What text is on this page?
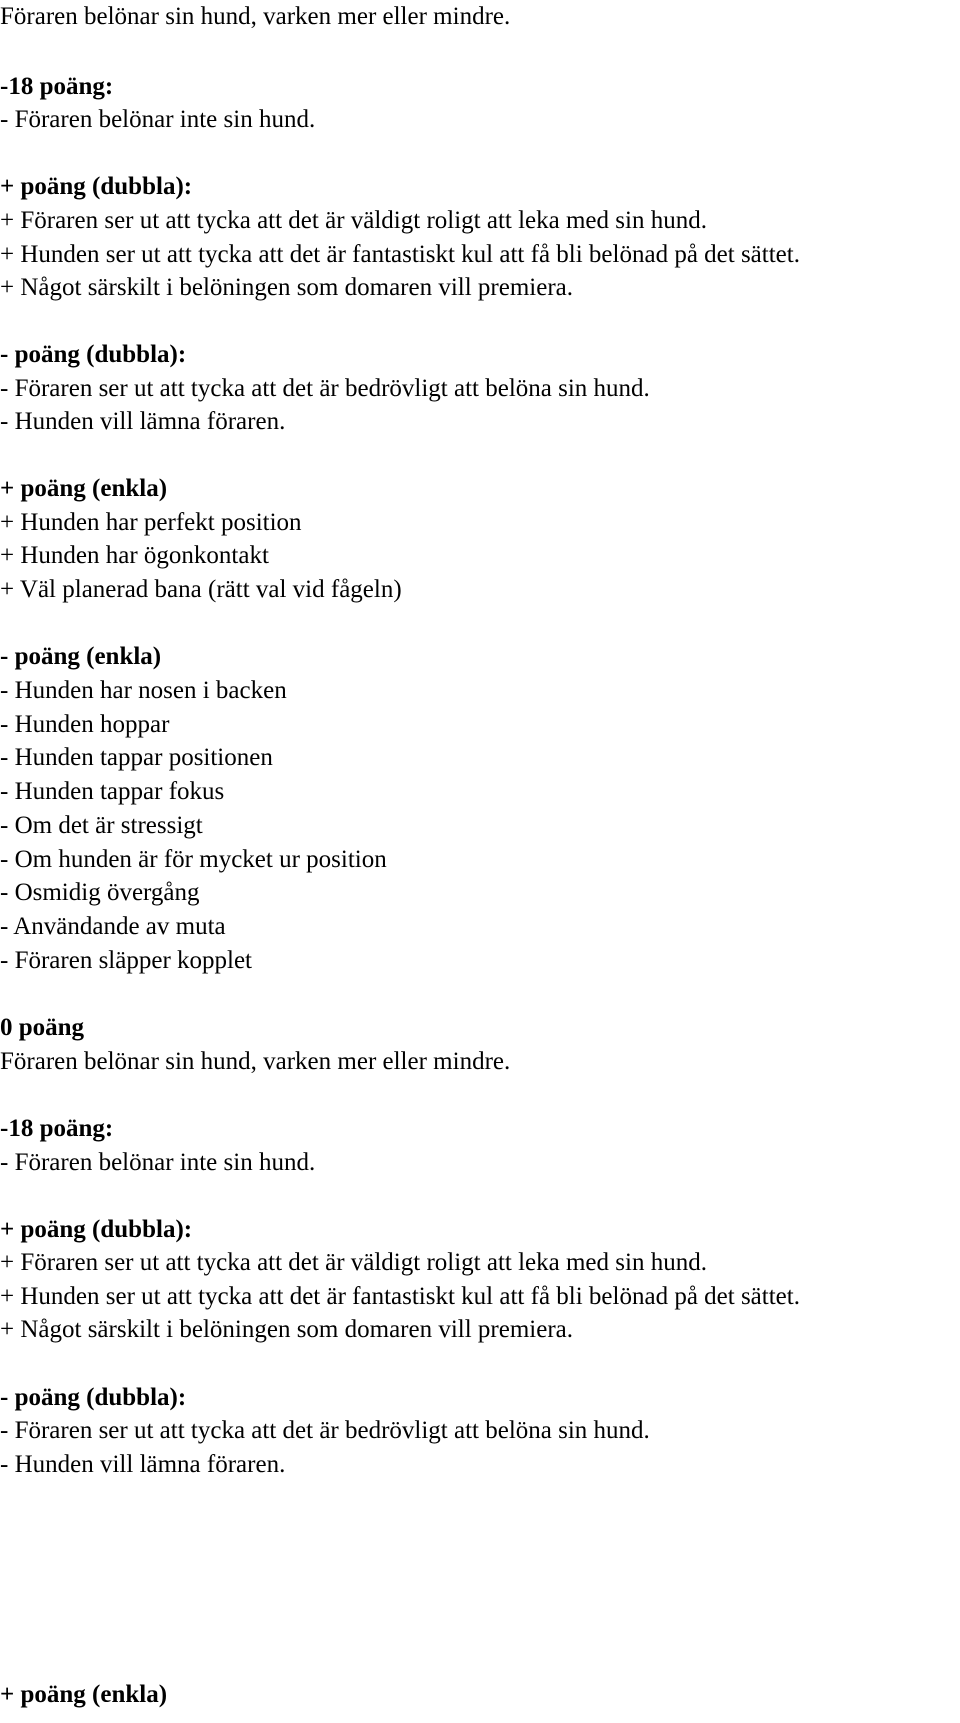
Föraren belönar sin hund, varken mer eller mindre.
-18 poäng:
- Föraren belönar inte sin hund.
+ poäng (dubbla):
+ Föraren ser ut att tycka att det är väldigt roligt att leka med sin hund.
+ Hunden ser ut att tycka att det är fantastiskt kul att få bli belönad på det sättet.
+ Något särskilt i belöningen som domaren vill premiera.
- poäng (dubbla):
- Föraren ser ut att tycka att det är bedrövligt att belöna sin hund.
- Hunden vill lämna föraren.
+ poäng (enkla)
+ Hunden har perfekt position
+ Hunden har ögonkontakt
+ Väl planerad bana (rätt val vid fågeln)
- poäng (enkla)
- Hunden har nosen i backen
- Hunden hoppar
- Hunden tappar positionen
- Hunden tappar fokus
- Om det är stressigt
- Om hunden är för mycket ur position
- Osmidig övergång
- Användande av muta
- Föraren släpper kopplet
0 poäng
Föraren belönar sin hund, varken mer eller mindre.
-18 poäng:
- Föraren belönar inte sin hund.
+ poäng (dubbla):
+ Föraren ser ut att tycka att det är väldigt roligt att leka med sin hund.
+ Hunden ser ut att tycka att det är fantastiskt kul att få bli belönad på det sättet.
+ Något särskilt i belöningen som domaren vill premiera.
- poäng (dubbla):
- Föraren ser ut att tycka att det är bedrövligt att belöna sin hund.
- Hunden vill lämna föraren.
+ poäng (enkla)
